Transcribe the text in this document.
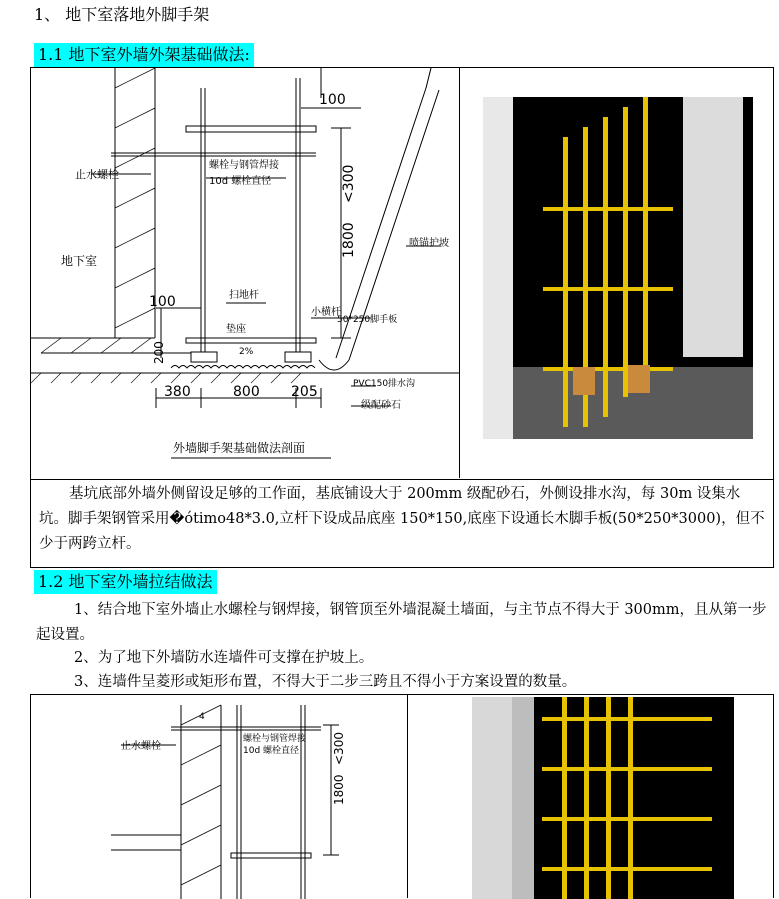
1、 地下室落地外脚手架
1.1 地下室外墙外架基础做法:
止水螺栓
螺栓与钢管焊接
10d 螺栓直径
地下室
扫地杆
垫座
2%
小横杆
50*250脚手板
喷锚护坡
PVC150排水沟
级配砂石
100
100
200
<300
1800
380	800 205
外墙脚手架基础做法剖面
基坑底部外墙外侧留设足够的工作面，基底铺设大于 200mm 级配砂石，外侧设排水沟，每 30m 设集水坑。脚手架钢管采用�ótimo48*3.0,立杆下设成品底座 150*150,底座下设通长木脚手板(50*250*3000)，但不少于两跨立杆。
1.2 地下室外墙拉结做法
1、结合地下室外墙止水螺栓与钢焊接，钢管顶至外墙混凝土墙面，与主节点不得大于 300mm，且从第一步起设置。
2、为了地下外墙防水连墙件可支撑在护坡上。
3、连墙件呈菱形或矩形布置，不得大于二步三跨且不得小于方案设置的数量。
止水螺栓
螺栓与钢管焊接
10d 螺栓直径
4
<300
1800
